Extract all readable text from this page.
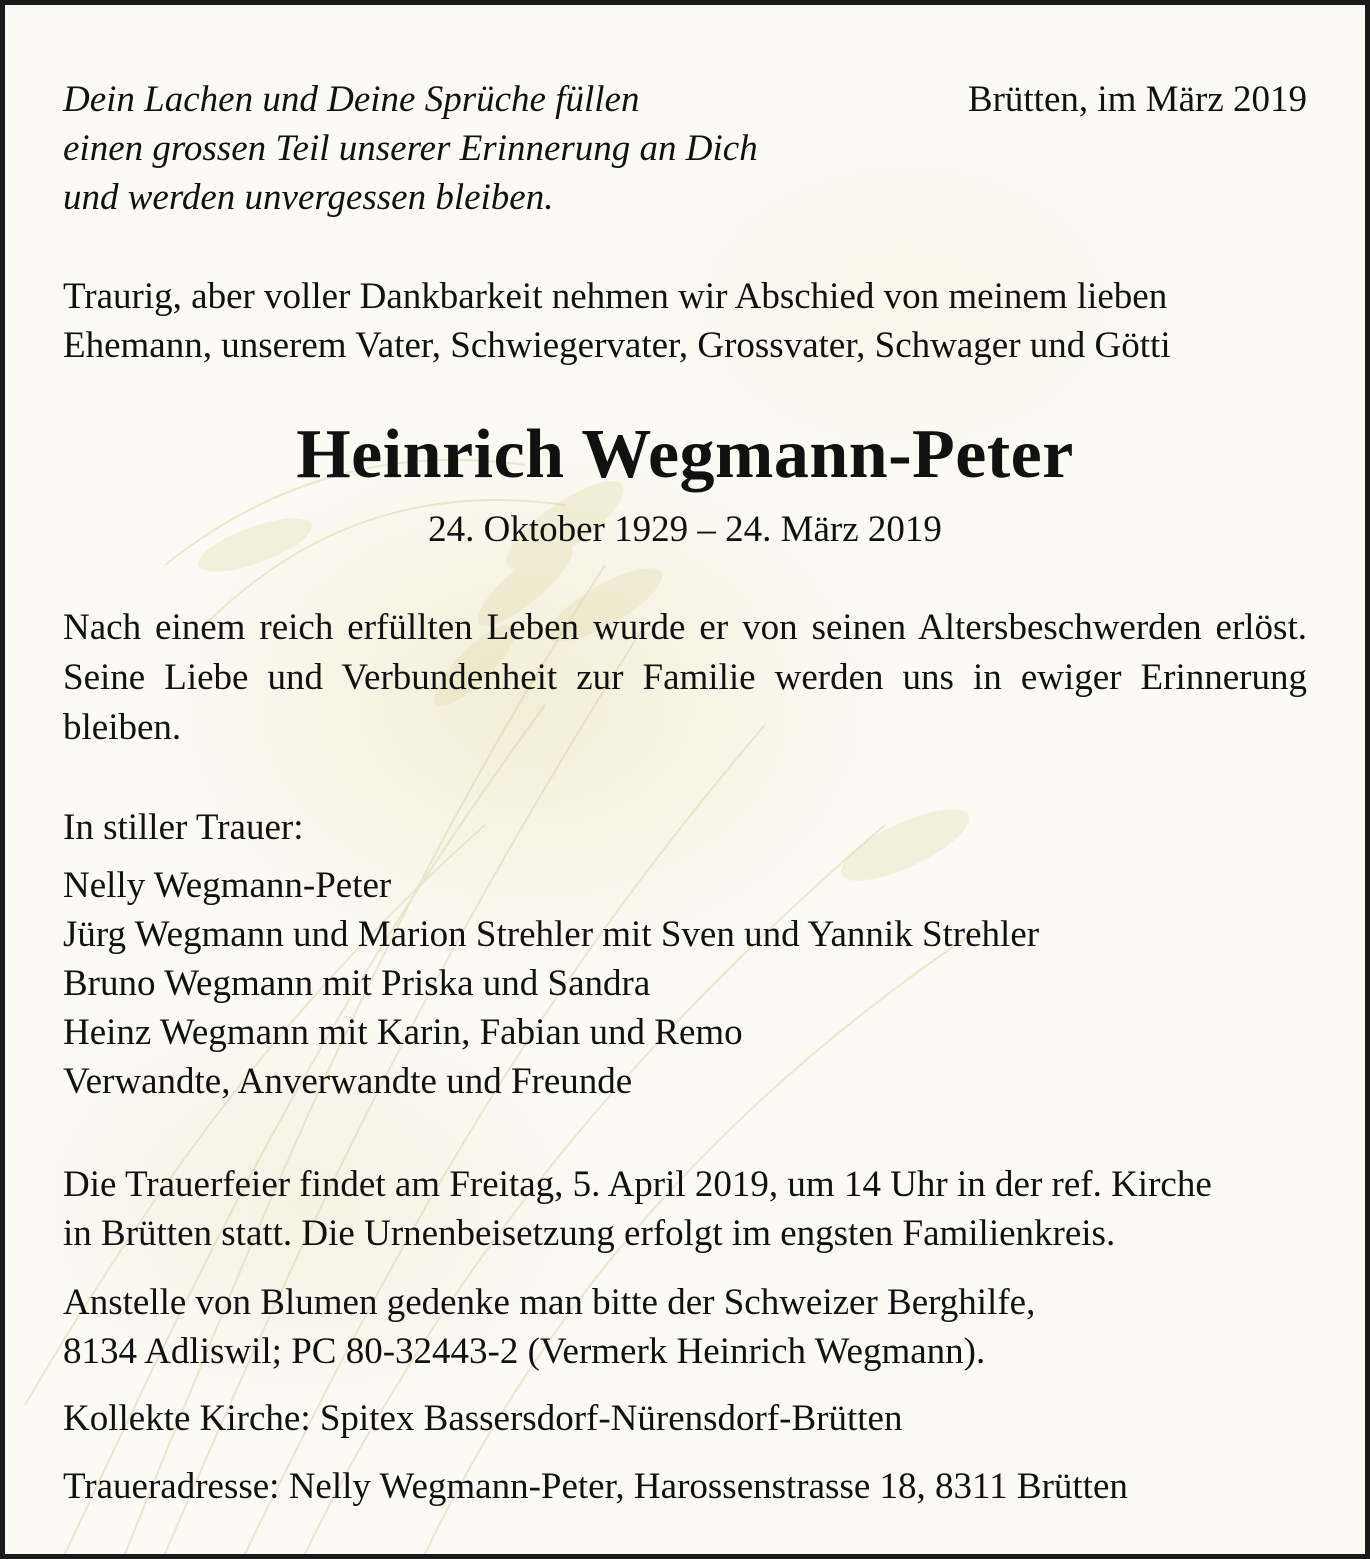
Dein Lachen und Deine Sprüche füllen
einen grossen Teil unserer Erinnerung an Dich
und werden unvergessen bleiben.

Brütten, im März 2019

Traurig, aber voller Dankbarkeit nehmen wir Abschied von meinem lieben
Ehemann, unserem Vater, Schwiegervater, Grossvater, Schwager und Götti

Heinrich Wegmann-Peter

24. Oktober 1929 – 24. März 2019

Nach einem reich erfüllten Leben wurde er von seinen Altersbeschwerden erlöst. Seine Liebe und Verbundenheit zur Familie werden uns in ewiger Erinnerung bleiben.

In stiller Trauer:

Nelly Wegmann-Peter
Jürg Wegmann und Marion Strehler mit Sven und Yannik Strehler
Bruno Wegmann mit Priska und Sandra
Heinz Wegmann mit Karin, Fabian und Remo
Verwandte, Anverwandte und Freunde

Die Trauerfeier findet am Freitag, 5. April 2019, um 14 Uhr in der ref. Kirche
in Brütten statt. Die Urnenbeisetzung erfolgt im engsten Familienkreis.

Anstelle von Blumen gedenke man bitte der Schweizer Berghilfe,
8134 Adliswil; PC 80-32443-2 (Vermerk Heinrich Wegmann).

Kollekte Kirche: Spitex Bassersdorf-Nürensdorf-Brütten

Traueradresse: Nelly Wegmann-Peter, Harossenstrasse 18, 8311 Brütten
